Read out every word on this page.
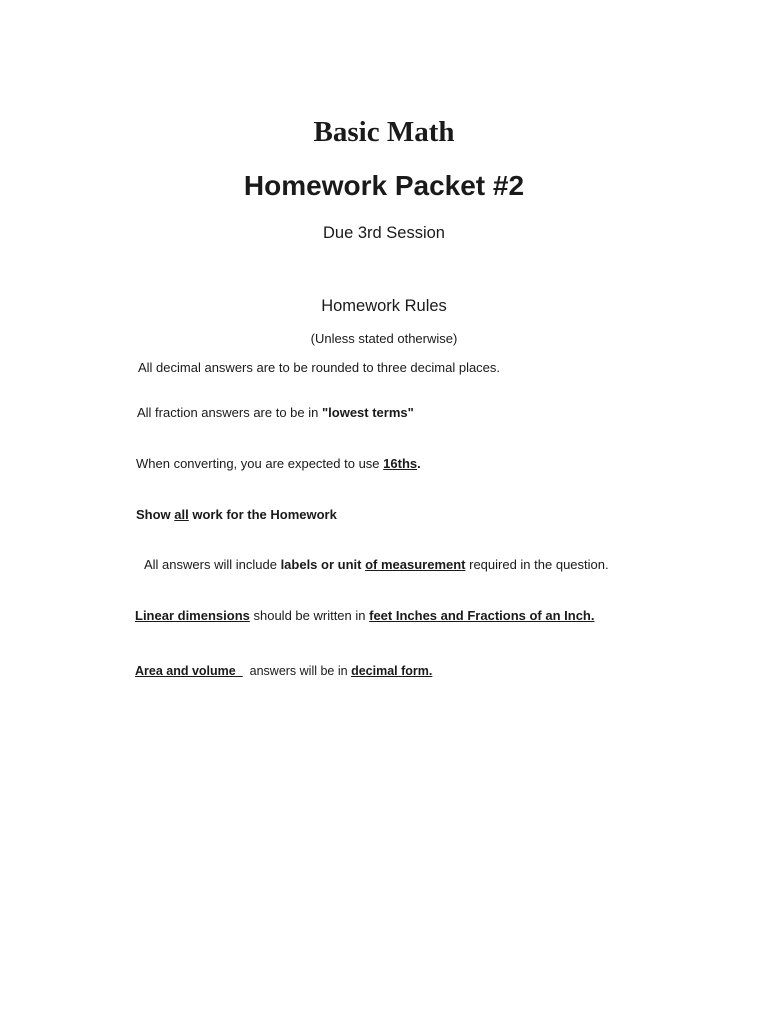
Basic Math
Homework Packet #2
Due 3rd Session
Homework Rules
(Unless stated otherwise)
All decimal answers are to be rounded to three decimal places.
All fraction answers are to be in "lowest terms"
When converting, you are expected to use 16ths.
Show all work for the Homework
All answers will include labels or unit of measurement required in the question.
Linear dimensions should be written in feet Inches and Fractions of an Inch.
Area and volume_  answers will be in decimal form.
